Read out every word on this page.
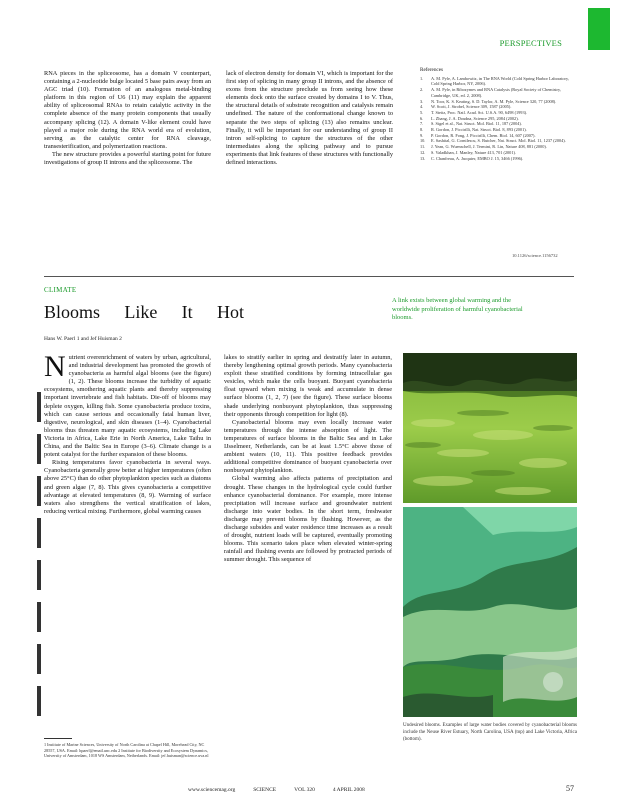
PERSPECTIVES

RNA pieces in the spliceosome, has a domain V counterpart, containing a 2-nucleotide bulge located 5 base pairs away from an AGC triad (10). Formation of an analogous metal-binding platform in this region of U6 (11) may explain the apparent ability of spliceosomal RNAs to retain catalytic activity in the complete absence of the many protein components that usually accompany splicing (12). A domain V-like element could have played a major role during the RNA world era of evolution, serving as the catalytic center for RNA cleavage, transesterification, and polymerization reactions.

The new structure provides a powerful starting point for future investigations of group II introns and the spliceosome. The

lack of electron density for domain VI, which is important for the first step of splicing in many group II introns, and the absence of exons from the structure preclude us from seeing how these elements dock onto the surface created by domains I to V. Thus, the structural details of substrate recognition and catalysis remain undefined. The nature of the conformational change known to separate the two steps of splicing (13) also remains unclear. Finally, it will be important for our understanding of group II intron self-splicing to capture the structures of the other intermediates along the splicing pathway and to pursue experiments that link features of these structures with functionally defined interactions.

References
1.	A. M. Pyle, A. Lambowitz, in The RNA World (Cold Spring Harbor Laboratory, Cold Spring Harbor, NY, 2006).
2.	A. M. Pyle, in Ribozymes and RNA Catalysis (Royal Society of Chemistry, Cambridge, UK, ed. 2, 2008).
3.	N. Toor, K. S. Keating, S. D. Taylor, A. M. Pyle, Science 320, 77 (2008).
4.	W. Scott, J. Strobel, Science 309, 1587 (2005).
5.	T. Steitz, Proc. Natl. Acad. Sci. U.S.A. 90, 6498 (1993).
6.	L. Zhang, J. A. Doudna, Science 295, 2084 (2002).
7.	S. Sigel et al., Nat. Struct. Mol. Biol. 11, 187 (2004).
8.	R. Gordon, J. Piccirilli, Nat. Struct. Biol. 8, 893 (2001).
9.	P. Gordon, R. Fong, J. Piccirilli, Chem. Biol. 14, 607 (2007).
10.	E. Sashital, G. Cornilescu, S. Butcher, Nat. Struct. Mol. Biol. 11, 1237 (2004).
11.	J. Yean, G. Wuenschell, J. Termini, R. Lin, Nature 408, 881 (2000).
12.	S. Valadkhan, J. Manley, Nature 413, 701 (2001).
13.	C. Chanfreau, A. Jacquier, EMBO J. 15, 3466 (1996).
10.1126/science.1156732
CLIMATE
Blooms Like It Hot
Hans W. Paerl 1 and Jef Huisman 2
A link exists between global warming and the worldwide proliferation of harmful cyanobacterial blooms.

Nutrient overenrichment of waters by urban, agricultural, and industrial development has promoted the growth of cyanobacteria as harmful algal blooms (see the figure) (1, 2). These blooms increase the turbidity of aquatic ecosystems, smothering aquatic plants and thereby suppressing important invertebrate and fish habitats. Die-off of blooms may deplete oxygen, killing fish. Some cyanobacteria produce toxins, which can cause serious and occasionally fatal human liver, digestive, neurological, and skin diseases (1–4). Cyanobacterial blooms thus threaten many aquatic ecosystems, including Lake Victoria in Africa, Lake Erie in North America, Lake Taihu in China, and the Baltic Sea in Europe (3–6). Climate change is a potent catalyst for the further expansion of these blooms.

Rising temperatures favor cyanobacteria in several ways. Cyanobacteria generally grow better at higher temperatures (often above 25°C) than do other phytoplankton species such as diatoms and green algae (7, 8). This gives cyanobacteria a competitive advantage at elevated temperatures (8, 9). Warming of surface waters also strengthens the vertical stratification of lakes, reducing vertical mixing. Furthermore, global warming causes

lakes to stratify earlier in spring and destratify later in autumn, thereby lengthening optimal growth periods. Many cyanobacteria exploit these stratified conditions by forming intracellular gas vesicles, which make the cells buoyant. Buoyant cyanobacteria float upward when mixing is weak and accumulate in dense surface blooms (1, 2, 7) (see the figure). These surface blooms shade underlying nonbuoyant phytoplankton, thus suppressing their opponents through competition for light (8).

Cyanobacterial blooms may even locally increase water temperatures through the intense absorption of light. The temperatures of surface blooms in the Baltic Sea and in Lake IJsselmeer, Netherlands, can be at least 1.5°C above those of ambient waters (10, 11). This positive feedback provides additional competitive dominance of buoyant cyanobacteria over nonbuoyant phytoplankton.

Global warming also affects patterns of precipitation and drought. These changes in the hydrological cycle could further enhance cyanobacterial dominance. For example, more intense precipitation will increase surface and groundwater nutrient discharge into water bodies. In the short term, freshwater discharge may prevent blooms by flushing. However, as the discharge subsides and water residence time increases as a result of drought, nutrient loads will be captured, eventually promoting blooms. This scenario takes place when elevated winter-spring rainfall and flushing events are followed by protracted periods of summer drought. This sequence of

1 Institute of Marine Sciences, University of North Carolina at Chapel Hill, Morehead City, NC 28557, USA. Email: hpaerl@email.unc.edu 2 Institute for Biodiversity and Ecosystem Dynamics, University of Amsterdam, 1018 WS Amsterdam, Netherlands. Email: jef.huisman@science.uva.nl
Undesired blooms. Examples of large water bodies covered by cyanobacterial blooms include the Neuse River Estuary, North Carolina, USA (top) and Lake Victoria, Africa (bottom).
www.sciencemag.org	SCIENCE	VOL 320	4 APRIL 2008	57
